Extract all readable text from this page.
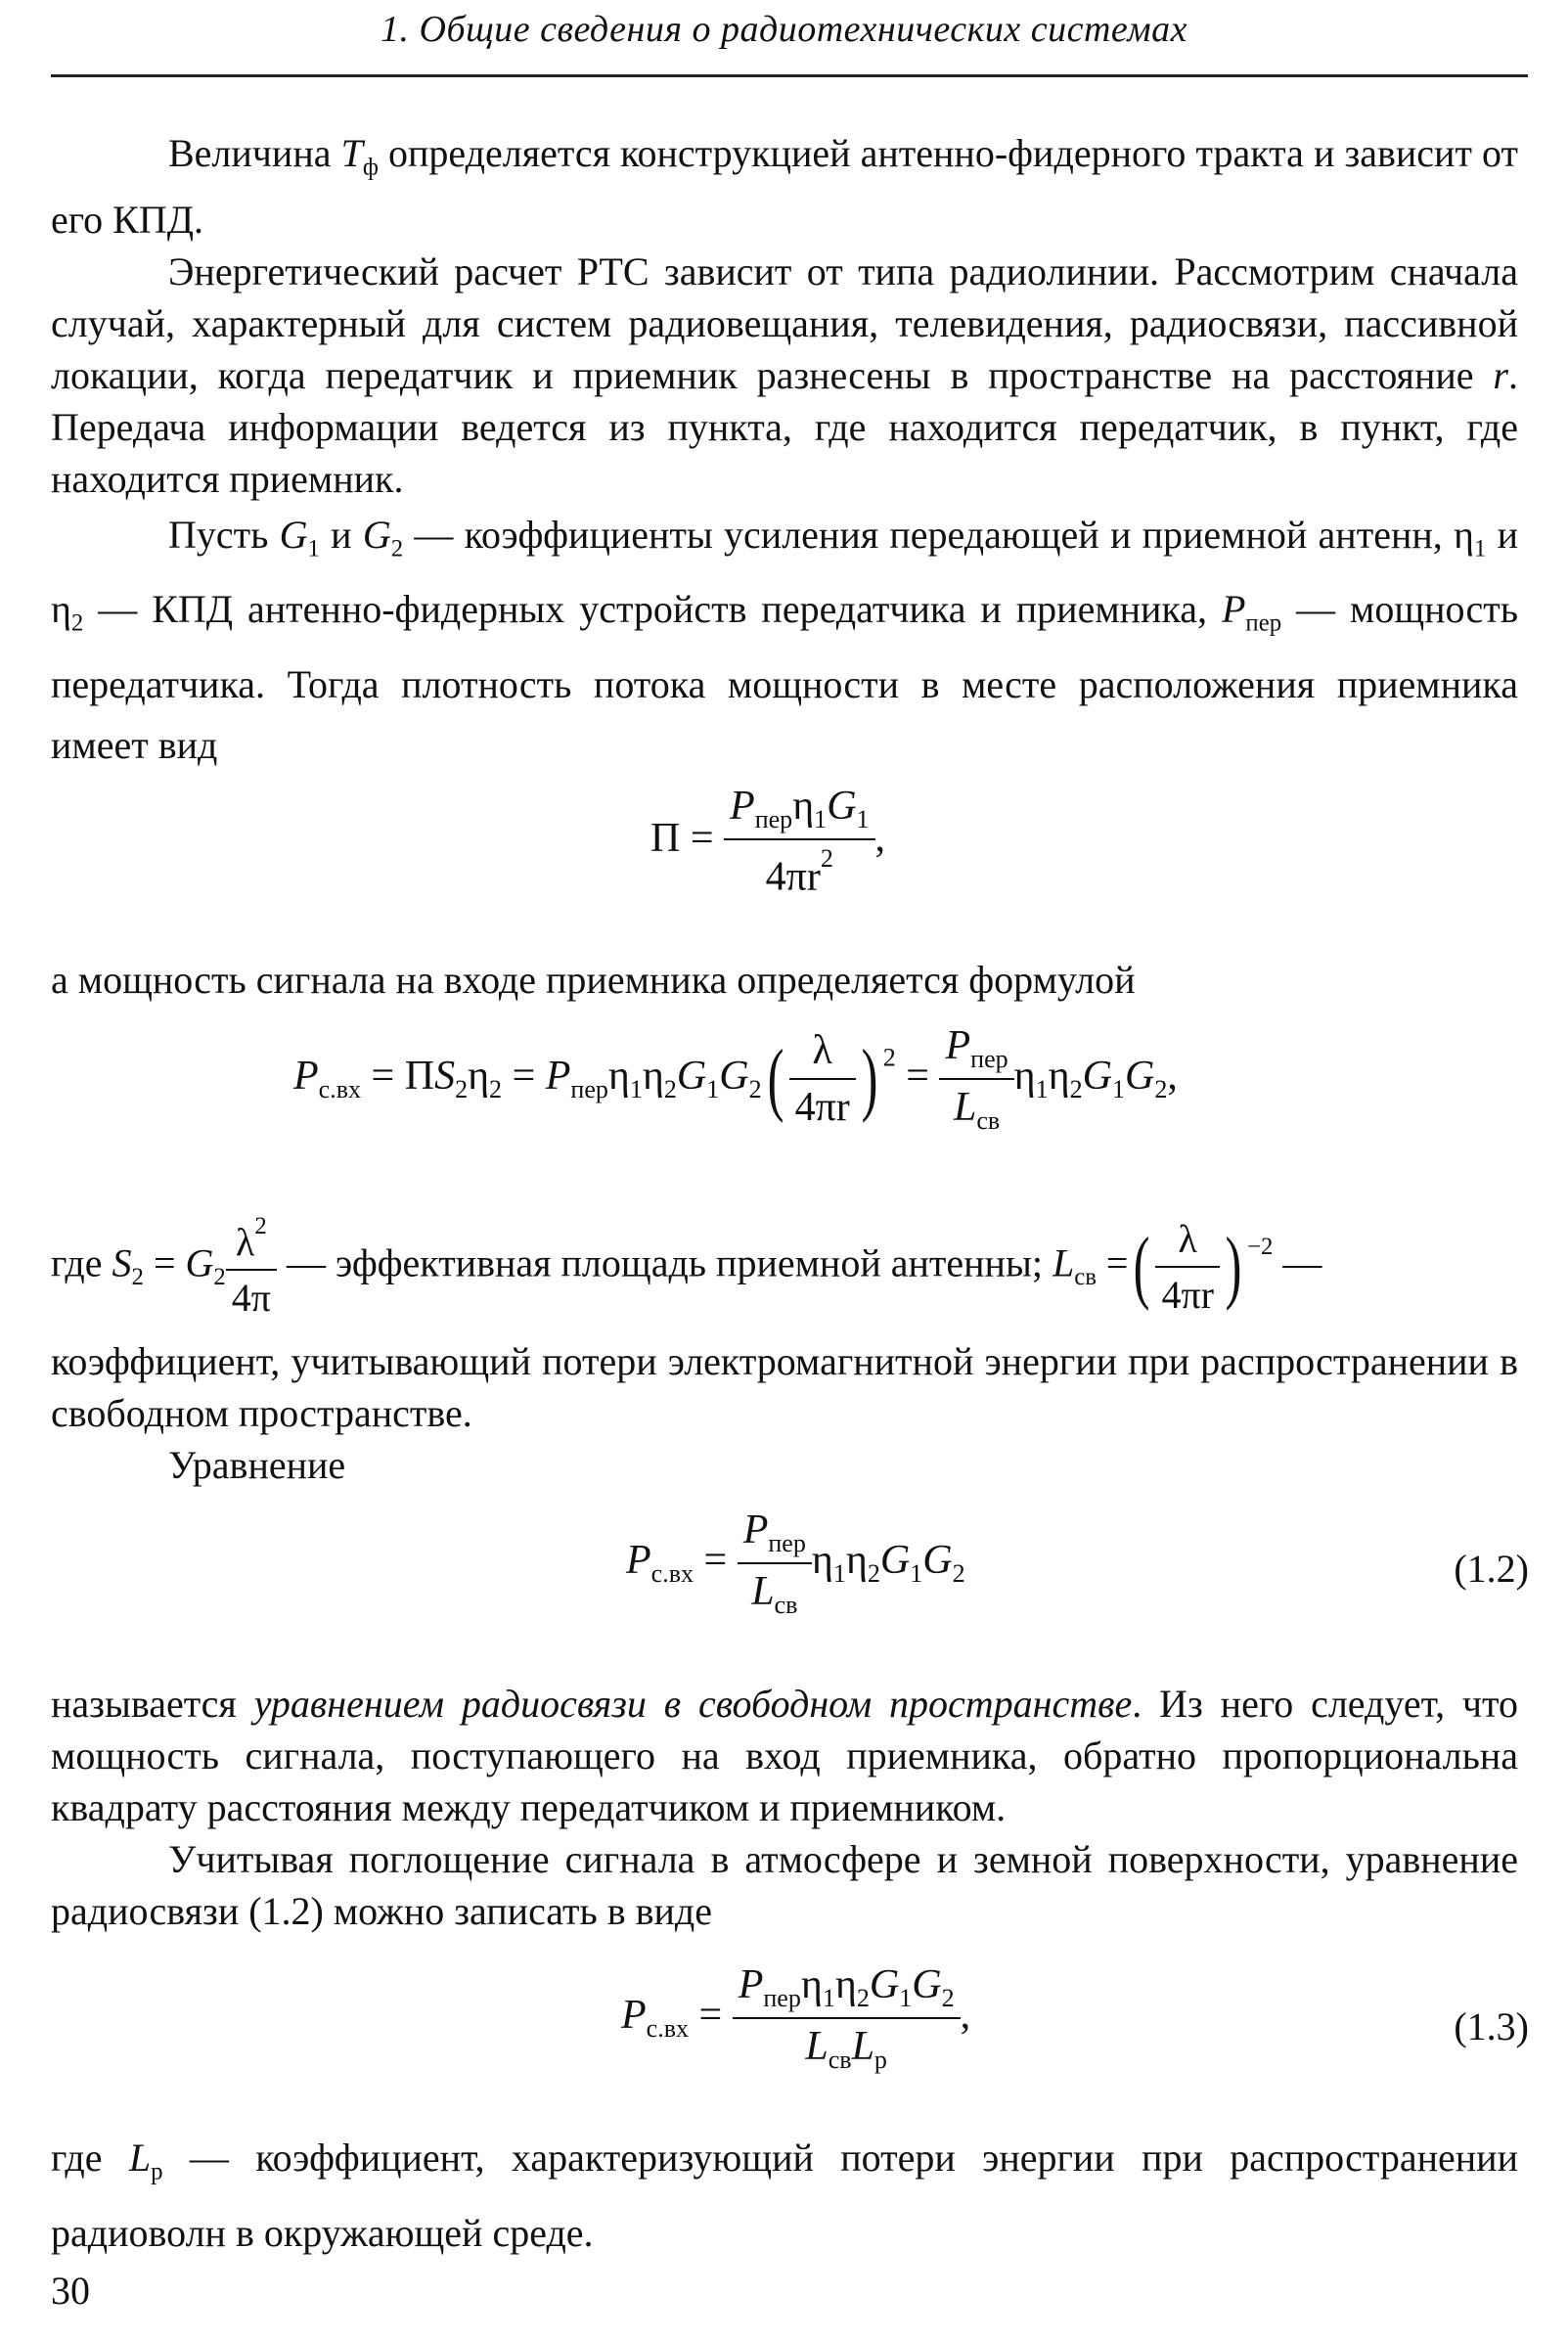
1. Общие сведения о радиотехнических системах

Величина $T_ф$ определяется конструкцией антенно-фидерного тракта и зависит от его КПД.

Энергетический расчет РТС зависит от типа радиолинии. Рассмотрим сначала случай, характерный для систем радиовещания, телевидения, радиосвязи, пассивной локации, когда передатчик и приемник разнесены в пространстве на расстояние r. Передача информации ведется из пункта, где находится передатчик, в пункт, где находится приемник.

Пусть $G_1$ и $G_2$ — коэффициенты усиления передающей и приемной антенн, $\eta_1$ и $\eta_2$ — КПД антенно-фидерных устройств передатчика и приемника, $P_{пер}$ — мощность передатчика. Тогда плотность потока мощности в месте расположения приемника имеет вид

$П = \frac{P_{пер}\eta_1G_1}{4\pi r^2}$ ,

а мощность сигнала на входе приемника определяется формулой

$P_{с.вх} = ПS_2\eta_2 = P_{пер}\eta_1\eta_2G_1G_2( \frac{\lambda}{4\pi r}$ ) $^2 = \frac{P_{пер}}{L_{св}} \eta_1\eta_2G_1G_2$,
где $S_2 = G_2 \frac{\lambda^2}{4\pi}$ — эффективная площадь приемной антенны; $L_{св}$ =( $\frac{\lambda}{4\pi r}$ ) $^{-2}$ —

коэффициент, учитывающий потери электромагнитной энергии при распространении в свободном пространстве.

Уравнение

$P_{с.вх} = \frac{P_{пер}}{L_{св}} \eta_1\eta_2G_1G_2$	(1.2)

называется уравнением радиосвязи в свободном пространстве. Из него следует, что мощность сигнала, поступающего на вход приемника, обратно пропорциональна квадрату расстояния между передатчиком и приемником.

Учитывая поглощение сигнала в атмосфере и земной поверхности, уравнение радиосвязи (1.2) можно записать в виде

$P_{с.вх} = \frac{P_{пер}\eta_1\eta_2G_1G_2}{L_{св}L_р}$ ,	(1.3)

где $L_р$ — коэффициент, характеризующий потери энергии при распространении радиоволн в окружающей среде.

30
